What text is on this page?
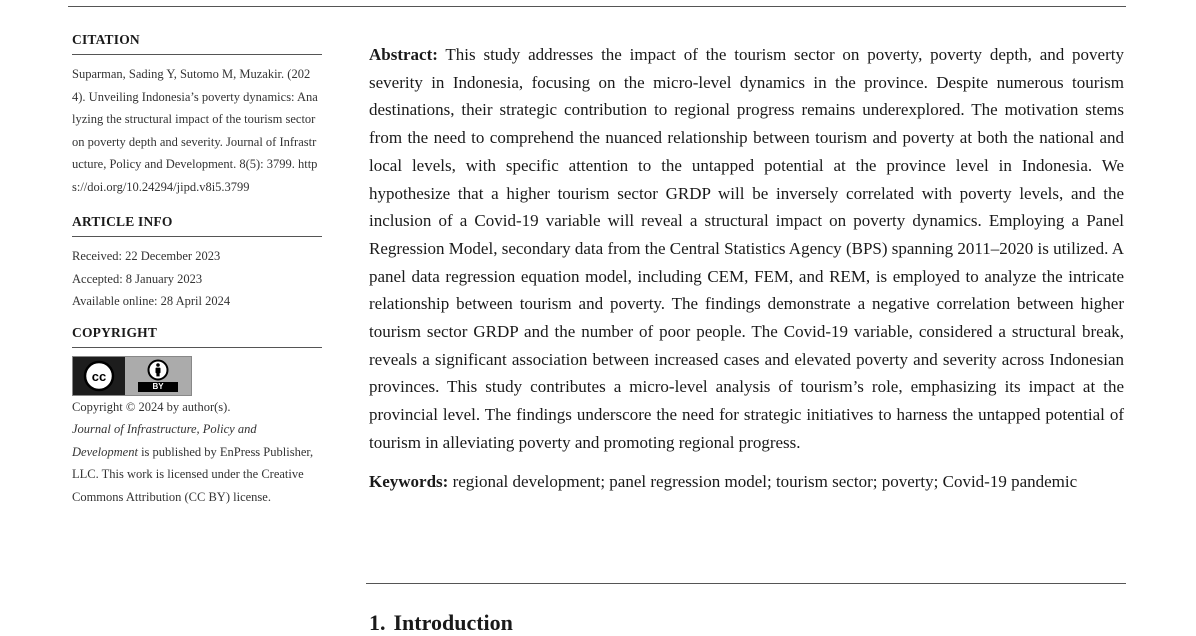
CITATION

Suparman, Sading Y, Sutomo M, Muzakir. (2024). Unveiling Indonesia’s poverty dynamics: Analyzing the structural impact of the tourism sector on poverty depth and severity. Journal of Infrastructure, Policy and Development. 8(5): 3799. https://doi.org/10.24294/jipd.v8i5.3799

ARTICLE INFO
Received: 22 December 2023
Accepted: 8 January 2023
Available online: 28 April 2024
COPYRIGHT
cc
BY

Copyright © 2024 by author(s).

Journal of Infrastructure, Policy and Development is published by EnPress Publisher, LLC. This work is licensed under the Creative Commons Attribution (CC BY) license.

Abstract: This study addresses the impact of the tourism sector on poverty, poverty depth, and poverty severity in Indonesia, focusing on the micro-level dynamics in the province. Despite numerous tourism destinations, their strategic contribution to regional progress remains underexplored. The motivation stems from the need to comprehend the nuanced relationship between tourism and poverty at both the national and local levels, with specific attention to the untapped potential at the province level in Indonesia. We hypothesize that a higher tourism sector GRDP will be inversely correlated with poverty levels, and the inclusion of a Covid-19 variable will reveal a structural impact on poverty dynamics. Employing a Panel Regression Model, secondary data from the Central Statistics Agency (BPS) spanning 2011–2020 is utilized. A panel data regression equation model, including CEM, FEM, and REM, is employed to analyze the intricate relationship between tourism and poverty. The findings demonstrate a negative correlation between higher tourism sector GRDP and the number of poor people. The Covid-19 variable, considered a structural break, reveals a significant association between increased cases and elevated poverty and severity across Indonesian provinces. This study contributes a micro-level analysis of tourism’s role, emphasizing its impact at the provincial level. The findings underscore the need for strategic initiatives to harness the untapped potential of tourism in alleviating poverty and promoting regional progress.

Keywords: regional development; panel regression model; tourism sector; poverty; Covid-19 pandemic
1. Introduction
